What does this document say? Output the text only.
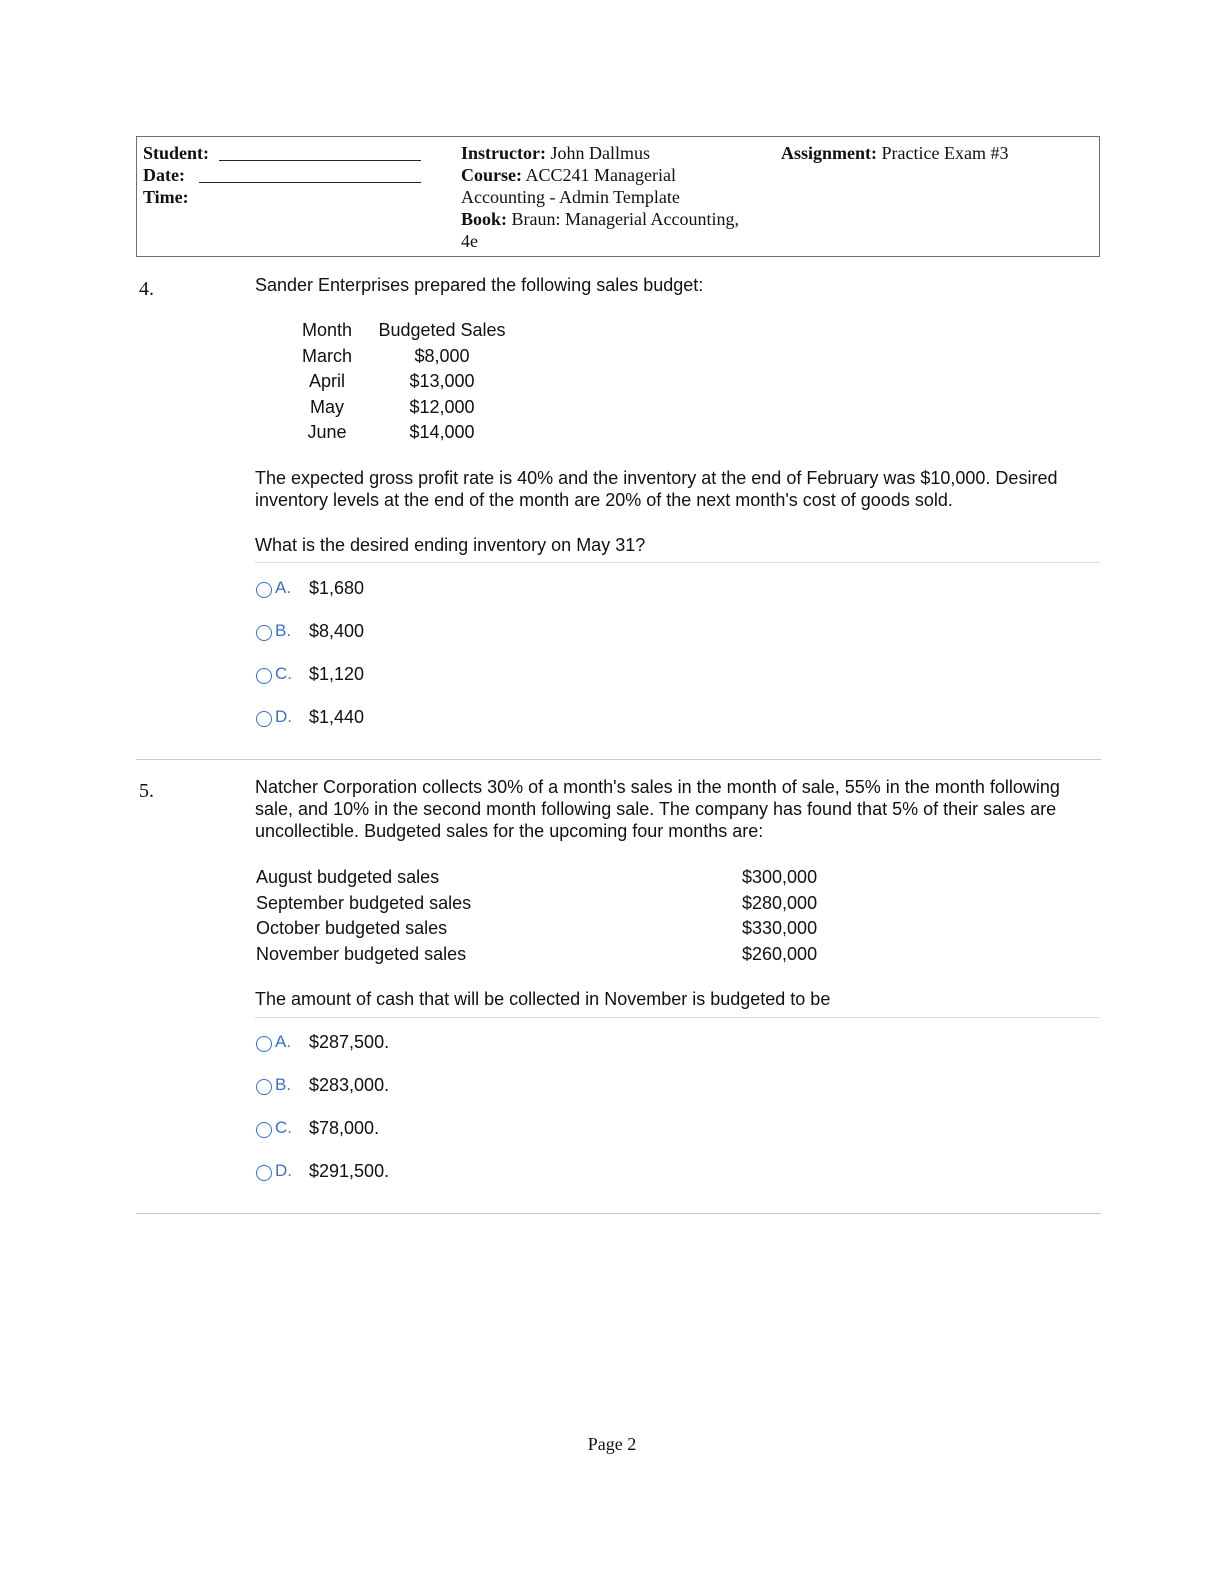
Student:
Date:
Time:
Instructor: John Dallmus
Course: ACC241 Managerial
Accounting - Admin Template
Book: Braun: Managerial Accounting,
4e
Assignment: Practice Exam #3
4.	Sander Enterprises prepared the following sales budget:
Month	Budgeted Sales
March	$8,000
April	$13,000
May	$12,000
June	$14,000
The expected gross profit rate is 40% and the inventory at the end of February was $10,000. Desired inventory levels at the end of the month are 20% of the next month's cost of goods sold.
What is the desired ending inventory on May 31?
A. $1,680
B. $8,400
C. $1,120
D. $1,440
5.	Natcher Corporation collects 30% of a month's sales in the month of sale, 55% in the month following sale, and 10% in the second month following sale. The company has found that 5% of their sales are uncollectible. Budgeted sales for the upcoming four months are:
August budgeted sales	$300,000
September budgeted sales	$280,000
October budgeted sales	$330,000
November budgeted sales	$260,000
The amount of cash that will be collected in November is budgeted to be
A. $287,500.
B. $283,000.
C. $78,000.
D. $291,500.
Page 2
